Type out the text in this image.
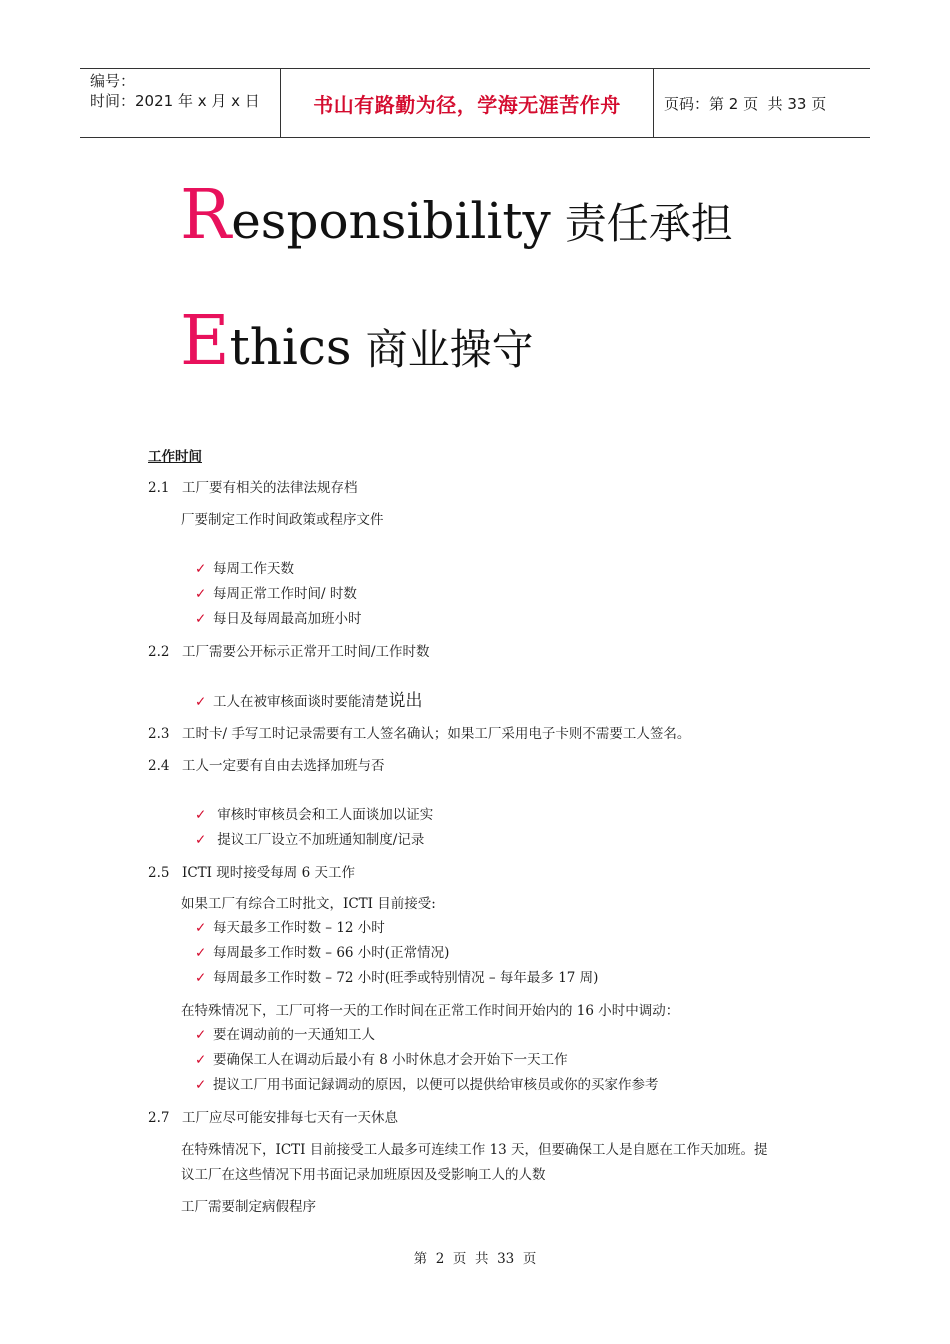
编号：
时间：2021 年 x 月 x 日	书山有路勤为径，学海无涯苦作舟	页码：第 2 页  共 33 页
Responsibility 责任承担
Ethics 商业操守
工作时间
2.1 工厂要有相关的法律法规存档
厂要制定工作时间政策或程序文件
✓ 每周工作天数
✓ 每周正常工作时间/ 时数
✓ 每日及每周最高加班小时
2.2 工厂需要公开标示正常开工时间/工作时数
✓ 工人在被审核面谈时要能清楚说出
2.3 工时卡/ 手写工时记录需要有工人签名确认；如果工厂采用电子卡则不需要工人签名。
2.4 工人一定要有自由去选择加班与否
✓ 审核时审核员会和工人面谈加以证实
✓ 提议工厂设立不加班通知制度/记录
2.5 ICTI 现时接受每周 6 天工作
如果工厂有综合工时批文，ICTI 目前接受:
✓ 每天最多工作时数 – 12 小时
✓ 每周最多工作时数 – 66 小时(正常情况)
✓ 每周最多工作时数 – 72 小时(旺季或特别情况 – 每年最多 17 周)
在特殊情况下，工厂可将一天的工作时间在正常工作时间开始内的 16 小时中调动：
✓ 要在调动前的一天通知工人
✓ 要确保工人在调动后最小有 8 小时休息才会开始下一天工作
✓ 提议工厂用书面记録调动的原因，以便可以提供给审核员或你的买家作参考
2.7 工厂应尽可能安排每七天有一天休息
在特殊情况下，ICTI 目前接受工人最多可连续工作 13 天，但要确保工人是自愿在工作天加班。提
议工厂在这些情况下用书面记录加班原因及受影响工人的人数
工厂需要制定病假程序
第  2  页  共  33  页
